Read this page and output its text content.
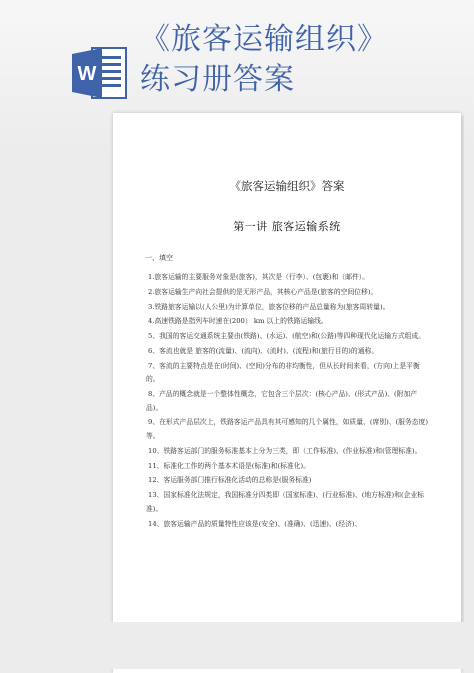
W
《旅客运输组织》
练习册答案
《旅客运输组织》答案
第一讲 旅客运输系统
一、填空

1.旅客运输的主要服务对象是(旅客)，其次是（行李）、(包裹)和（邮件）。

2.旅客运输生产向社会提供的是无形产品，其核心产品是(旅客的空间位移)。

3.铁路旅客运输以(人公里)为计算单位，旅客位移的产品总量称为(旅客周转量)。

4.高速铁路是指列车时速在(200） km 以上的铁路运输线。

5、我国的客运交通系统主要由(铁路)、(水运)、(航空)和(公路)等四种现代化运输方式组成。

6、客流也就是 旅客的(流量)、(流向)、(流时)、(流程)和(旅行目的)的通称。

7、客流的主要特点是在(时间)、(空间)分布的非均衡性，但从长时间来看，(方向)上是平衡的。

8、产品的概念就是一个整体性概念，它包含三个层次：(核心产品)、(形式产品)、(附加产品)。

9、在形式产品层次上，铁路客运产品具有其可感知的几个属性，如质量、(席别)、(服务态度)等。

10、铁路客运部门的服务标准基本上分为三类，即（工作标准)、(作业标准)和(管理标准)。

11、标准化工作的两个基本术语是(标准)和(标准化)。

12、客运服务部门推行标准化活动的总称是(服务标准)

13、国家标准化法规定，我国标准分四类即（国家标准)、(行业标准)、(地方标准)和(企业标准)。

14、旅客运输产品的质量特性应该是(安全)、(准确)、(迅速)、(经济)、
